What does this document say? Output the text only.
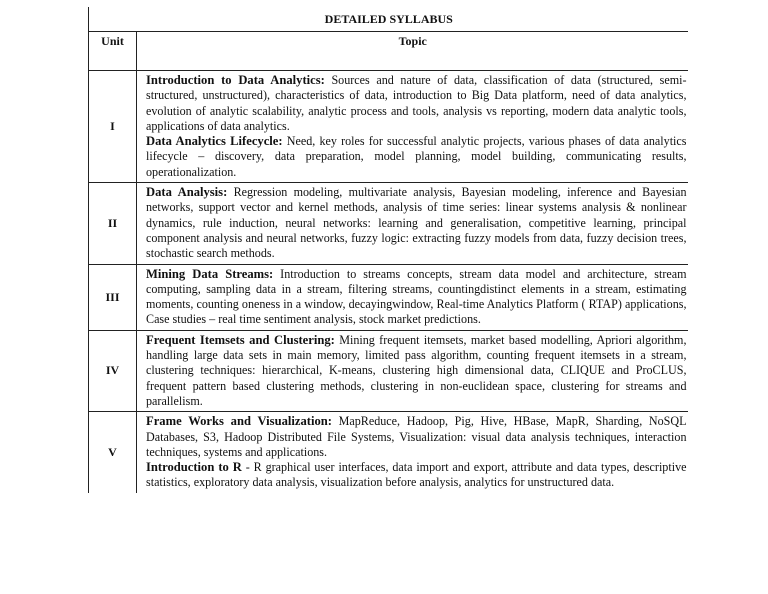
DETAILED SYLLABUS	
Unit	Topic
I	Introduction to Data Analytics: Sources and nature of data, classification of data (structured, semi-structured, unstructured), characteristics of data, introduction to Big Data platform, need of data analytics, evolution of analytic scalability, analytic process and tools, analysis vs reporting, modern data analytic tools, applications of data analytics.

Data Analytics Lifecycle: Need, key roles for successful analytic projects, various phases of data analytics lifecycle – discovery, data preparation, model planning, model building, communicating results, operationalization.

II	Data Analysis: Regression modeling, multivariate analysis, Bayesian modeling, inference and Bayesian networks, support vector and kernel methods, analysis of time series: linear systems analysis & nonlinear dynamics, rule induction, neural networks: learning and generalisation, competitive learning, principal component analysis and neural networks, fuzzy logic: extracting fuzzy models from data, fuzzy decision trees, stochastic search methods.

III	Mining Data Streams: Introduction to streams concepts, stream data model and architecture, stream computing, sampling data in a stream, filtering streams, countingdistinct elements in a stream, estimating moments, counting oneness in a window, decayingwindow, Real-time Analytics Platform ( RTAP) applications, Case studies – real time sentiment analysis, stock market predictions.

IV	Frequent Itemsets and Clustering: Mining frequent itemsets, market based modelling, Apriori algorithm, handling large data sets in main memory, limited pass algorithm, counting frequent itemsets in a stream, clustering techniques: hierarchical, K-means, clustering high dimensional data, CLIQUE and ProCLUS, frequent pattern based clustering methods, clustering in non-euclidean space, clustering for streams and parallelism.

V	Frame Works and Visualization: MapReduce, Hadoop, Pig, Hive, HBase, MapR, Sharding, NoSQL Databases, S3, Hadoop Distributed File Systems, Visualization: visual data analysis techniques, interaction techniques, systems and applications.

Introduction to R - R graphical user interfaces, data import and export, attribute and data types, descriptive statistics, exploratory data analysis, visualization before analysis, analytics for unstructured data.
